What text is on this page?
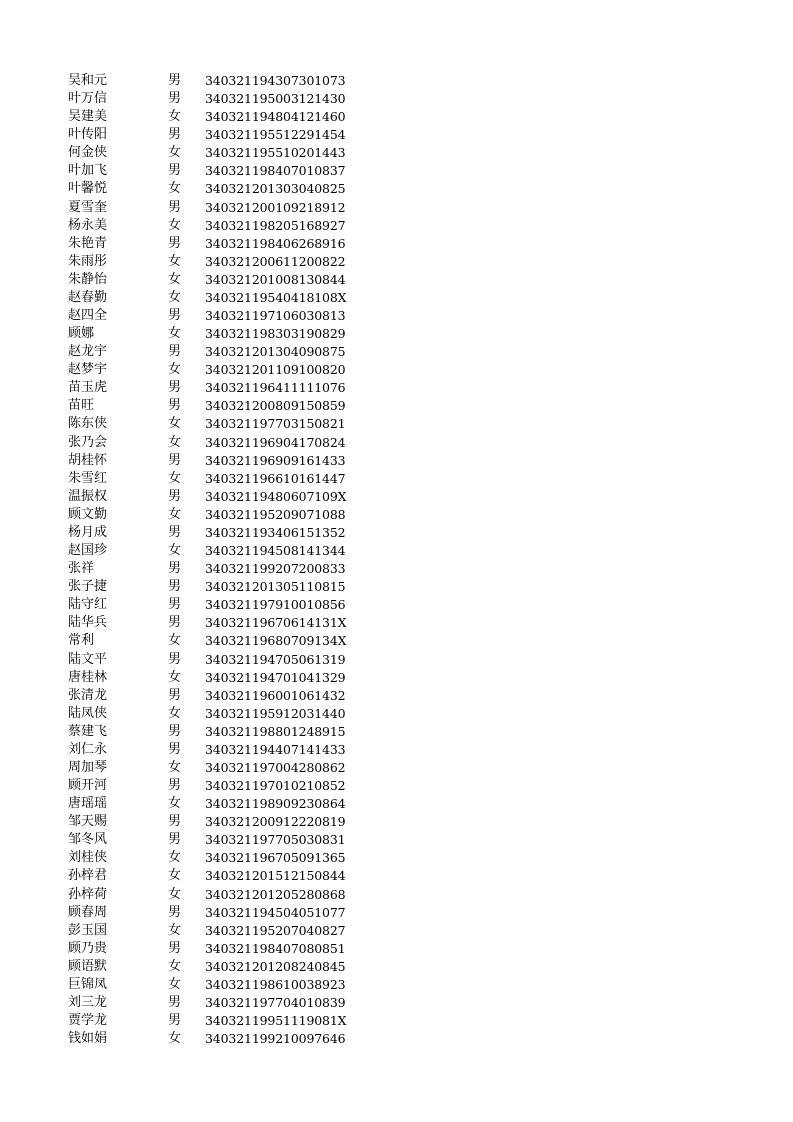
吴和元	男	340321194307301073
叶万信	男	340321195003121430
吴建美	女	340321194804121460
叶传阳	男	340321195512291454
何金侠	女	340321195510201443
叶加飞	男	340321198407010837
叶馨悦	女	340321201303040825
夏雪奎	男	340321200109218912
杨永美	女	340321198205168927
朱艳青	男	340321198406268916
朱雨彤	女	340321200611200822
朱静怡	女	340321201008130844
赵春勤	女	34032119540418108X
赵四全	男	340321197106030813
顾娜	女	340321198303190829
赵龙宇	男	340321201304090875
赵梦宇	女	340321201109100820
苗玉虎	男	340321196411111076
苗旺	男	340321200809150859
陈东侠	女	340321197703150821
张乃会	女	340321196904170824
胡桂怀	男	340321196909161433
朱雪红	女	340321196610161447
温振权	男	34032119480607109X
顾文勤	女	340321195209071088
杨月成	男	340321193406151352
赵国珍	女	340321194508141344
张祥	男	340321199207200833
张子捷	男	340321201305110815
陆守红	男	340321197910010856
陆华兵	男	34032119670614131X
常利	女	34032119680709134X
陆文平	男	340321194705061319
唐桂林	女	340321194701041329
张清龙	男	340321196001061432
陆凤侠	女	340321195912031440
蔡建飞	男	340321198801248915
刘仁永	男	340321194407141433
周加琴	女	340321197004280862
顾开河	男	340321197010210852
唐瑶瑶	女	340321198909230864
邹天赐	男	340321200912220819
邹冬风	男	340321197705030831
刘桂侠	女	340321196705091365
孙梓君	女	340321201512150844
孙梓荷	女	340321201205280868
顾春周	男	340321194504051077
彭玉国	女	340321195207040827
顾乃贵	男	340321198407080851
顾语默	女	340321201208240845
巨锦凤	女	340321198610038923
刘三龙	男	340321197704010839
贾学龙	男	34032119951119081X
钱如娟	女	340321199210097646
